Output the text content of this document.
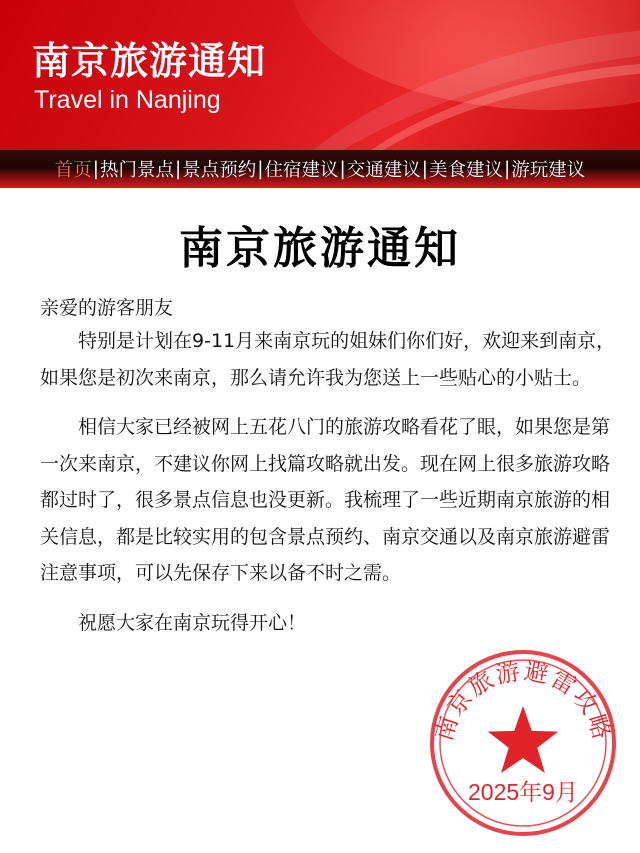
南京旅游通知
Travel in Nanjing
首页 | 热门景点 | 景点预约 | 住宿建议 | 交通建议 | 美食建议 | 游玩建议
南京旅游通知
亲爱的游客朋友

特别是计划在9-11月来南京玩的姐妹们你们好，欢迎来到南京，如果您是初次来南京，那么请允许我为您送上一些贴心的小贴士。

相信大家已经被网上五花八门的旅游攻略看花了眼，如果您是第一次来南京，不建议你网上找篇攻略就出发。现在网上很多旅游攻略都过时了，很多景点信息也没更新。我梳理了一些近期南京旅游的相关信息，都是比较实用的包含景点预约、南京交通以及南京旅游避雷注意事项，可以先保存下来以备不时之需。

祝愿大家在南京玩得开心！

南京旅游避雷攻略
2025年9月
